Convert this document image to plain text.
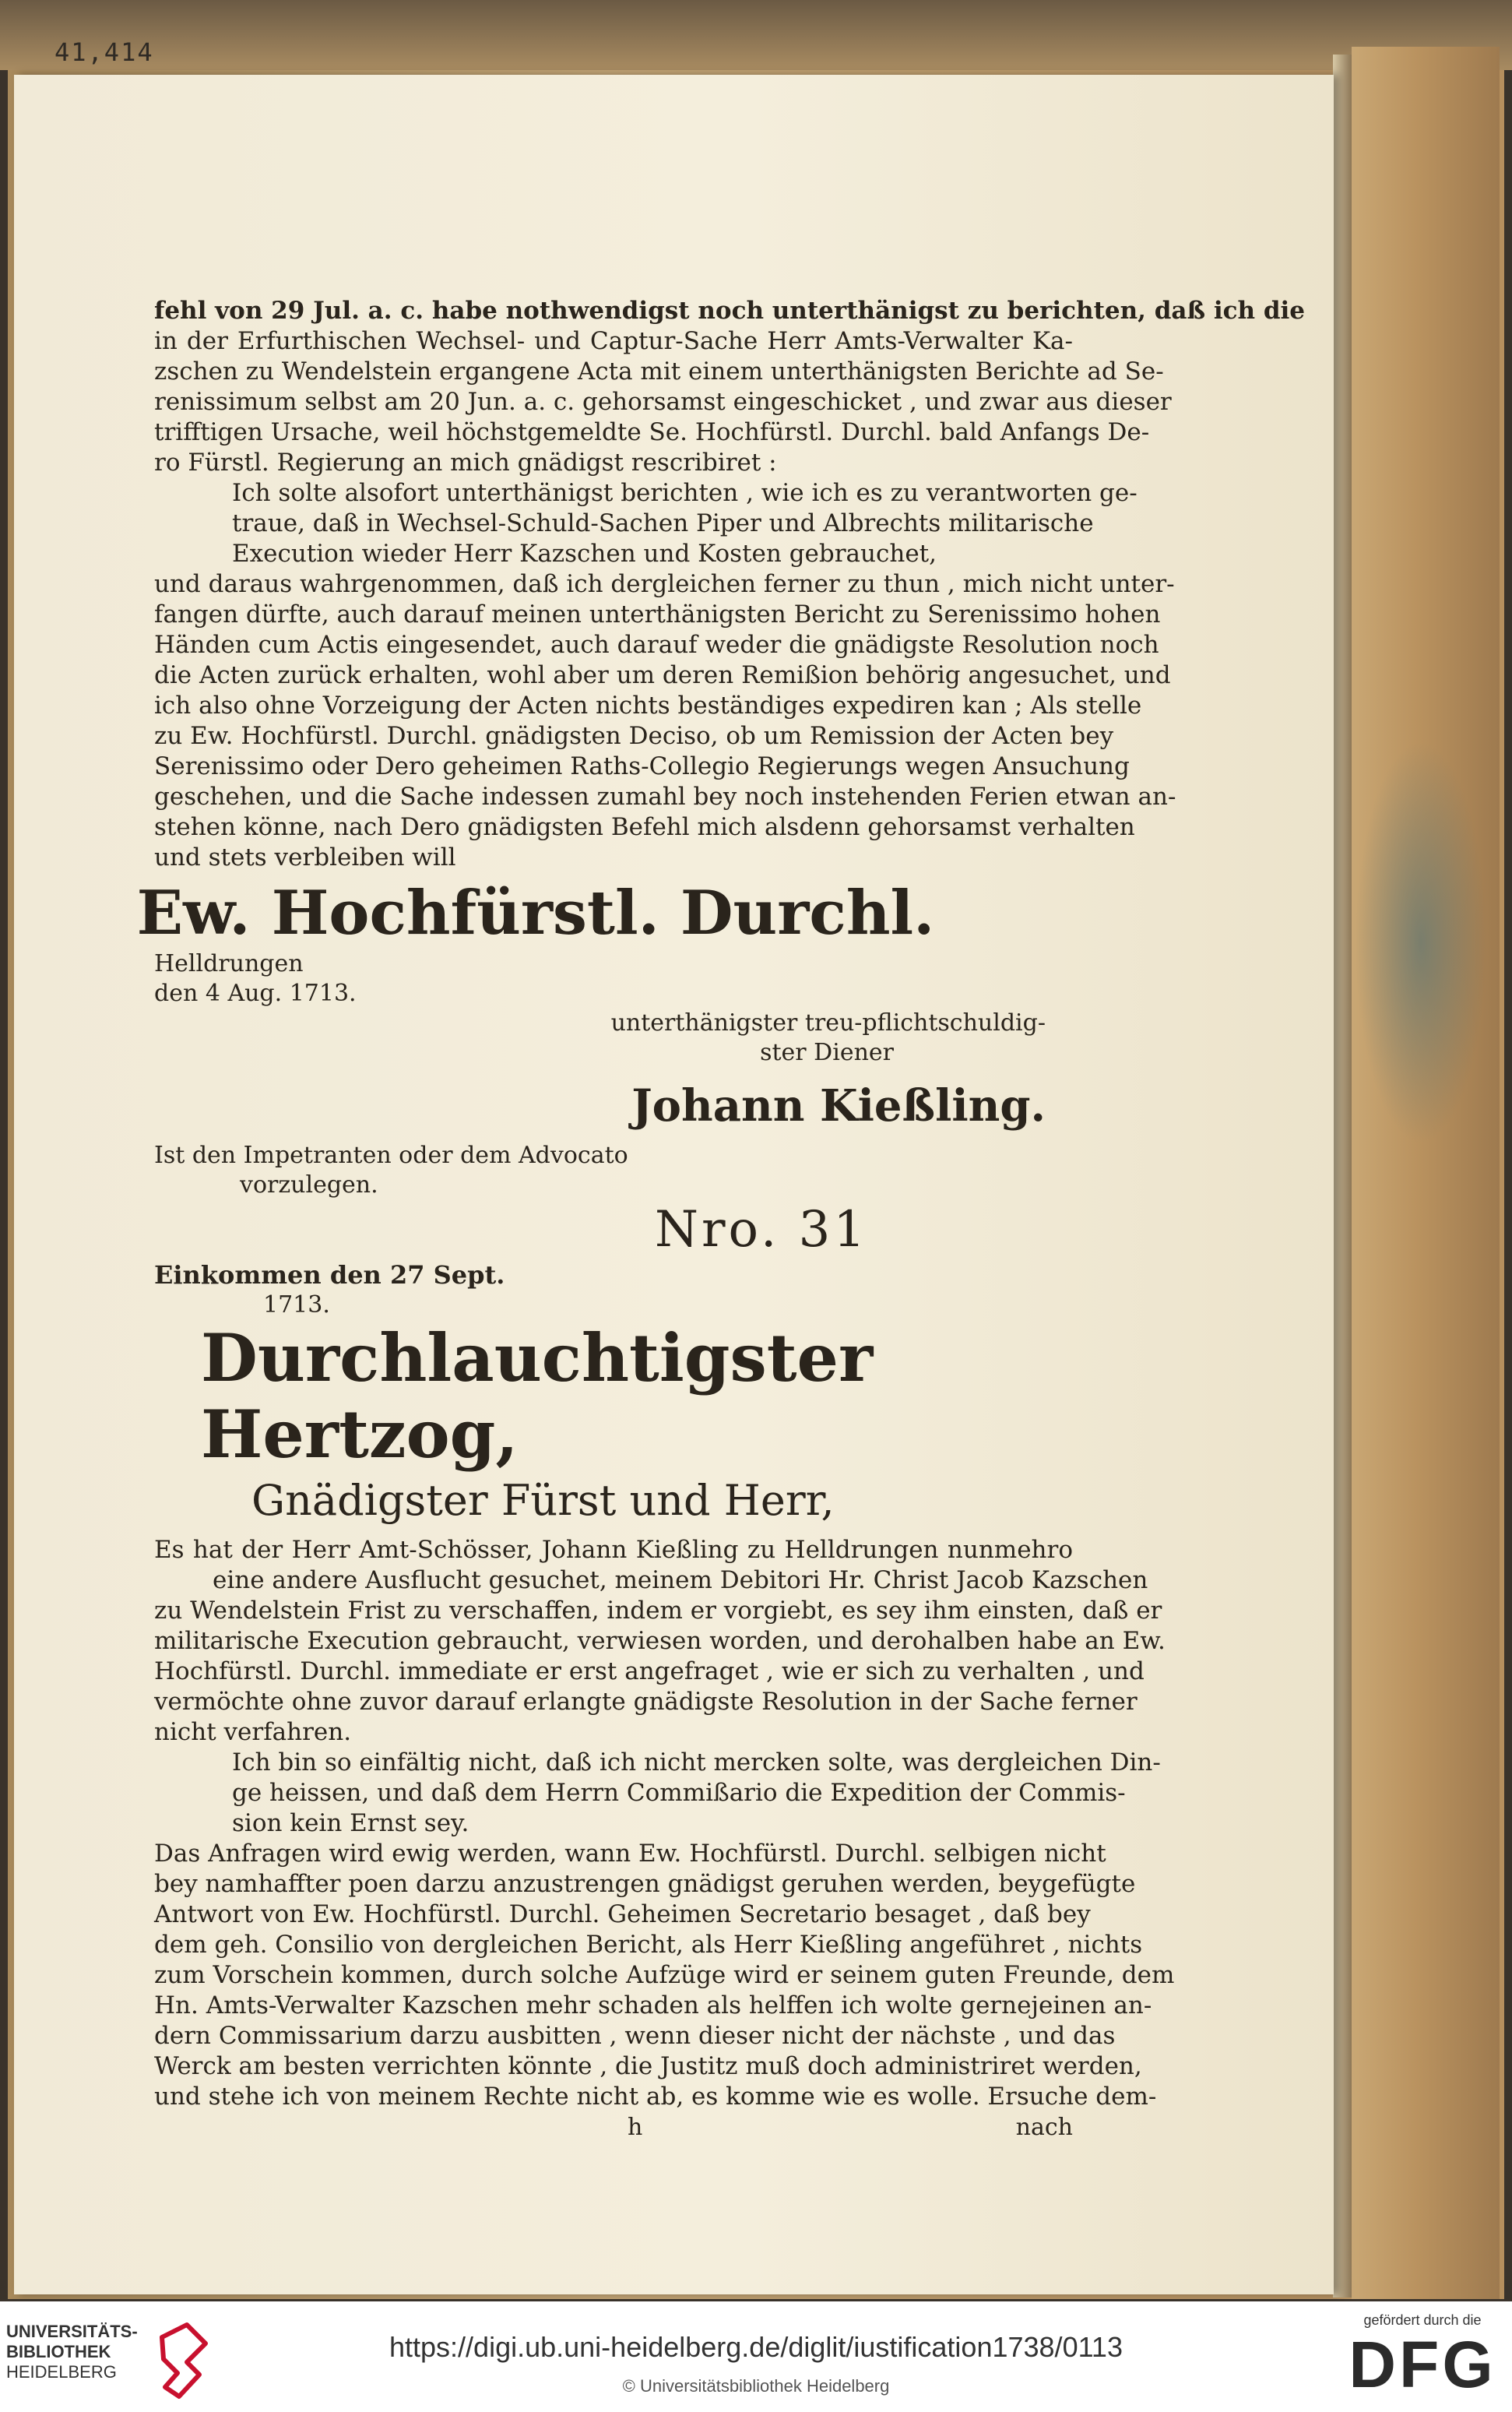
41,414
fehl von 29 Jul. a. c. habe nothwendigst noch unterthänigst zu berichten, daß ich die
in der Erfurthischen Wechsel- und Captur-Sache Herr Amts-Verwalter Ka-
zschen zu Wendelstein ergangene Acta mit einem unterthänigsten Berichte ad Se-
renissimum selbst am 20 Jun. a. c. gehorsamst eingeschicket , und zwar aus dieser
trifftigen Ursache, weil höchstgemeldte Se. Hochfürstl. Durchl. bald Anfangs De-
ro Fürstl. Regierung an mich gnädigst rescribiret :
Ich solte alsofort unterthänigst berichten , wie ich es zu verantworten ge-
traue, daß in Wechsel-Schuld-Sachen Piper und Albrechts militarische
Execution wieder Herr Kazschen und Kosten gebrauchet,
und daraus wahrgenommen, daß ich dergleichen ferner zu thun , mich nicht unter-
fangen dürfte, auch darauf meinen unterthänigsten Bericht zu Serenissimo hohen
Händen cum Actis eingesendet, auch darauf weder die gnädigste Resolution noch
die Acten zurück erhalten, wohl aber um deren Remißion behörig angesuchet, und
ich also ohne Vorzeigung der Acten nichts beständiges expediren kan ; Als stelle
zu Ew. Hochfürstl. Durchl. gnädigsten Deciso, ob um Remission der Acten bey
Serenissimo oder Dero geheimen Raths-Collegio Regierungs wegen Ansuchung
geschehen, und die Sache indessen zumahl bey noch instehenden Ferien etwan an-
stehen könne, nach Dero gnädigsten Befehl mich alsdenn gehorsamst verhalten
und stets verbleiben will
Ew. Hochfürstl. Durchl.
Helldrungen
den 4 Aug. 1713.
unterthänigster treu-pflichtschuldig-
ster Diener
Johann Kießling.
Ist den Impetranten oder dem Advocato
vorzulegen.
Nro. 31
Einkommen den 27 Sept.
1713.
Durchlauchtigster Hertzog,
Gnädigster Fürst und Herr,
Es hat der Herr Amt-Schösser, Johann Kießling zu Helldrungen nunmehro
eine andere Ausflucht gesuchet, meinem Debitori Hr. Christ Jacob Kazschen
zu Wendelstein Frist zu verschaffen, indem er vorgiebt, es sey ihm einsten, daß er
militarische Execution gebraucht, verwiesen worden, und derohalben habe an Ew.
Hochfürstl. Durchl. immediate er erst angefraget , wie er sich zu verhalten , und
vermöchte ohne zuvor darauf erlangte gnädigste Resolution in der Sache ferner
nicht verfahren.
Ich bin so einfältig nicht, daß ich nicht mercken solte, was dergleichen Din-
ge heissen, und daß dem Herrn Commißario die Expedition der Commis-
sion kein Ernst sey.
Das Anfragen wird ewig werden, wann Ew. Hochfürstl. Durchl. selbigen nicht
bey namhaffter poen darzu anzustrengen gnädigst geruhen werden, beygefügte
Antwort von Ew. Hochfürstl. Durchl. Geheimen Secretario besaget , daß bey
dem geh. Consilio von dergleichen Bericht, als Herr Kießling angeführet , nichts
zum Vorschein kommen, durch solche Aufzüge wird er seinem guten Freunde, dem
Hn. Amts-Verwalter Kazschen mehr schaden als helffen ich wolte gernejeinen an-
dern Commissarium darzu ausbitten , wenn dieser nicht der nächste , und das
Werck am besten verrichten könnte , die Justitz muß doch administriret werden,
und stehe ich von meinem Rechte nicht ab, es komme wie es wolle. Ersuche dem-
h	nach
UNIVERSITÄTS-
BIBLIOTHEK
HEIDELBERG
https://digi.ub.uni-heidelberg.de/diglit/iustification1738/0113
© Universitätsbibliothek Heidelberg
gefördert durch die
DFG
